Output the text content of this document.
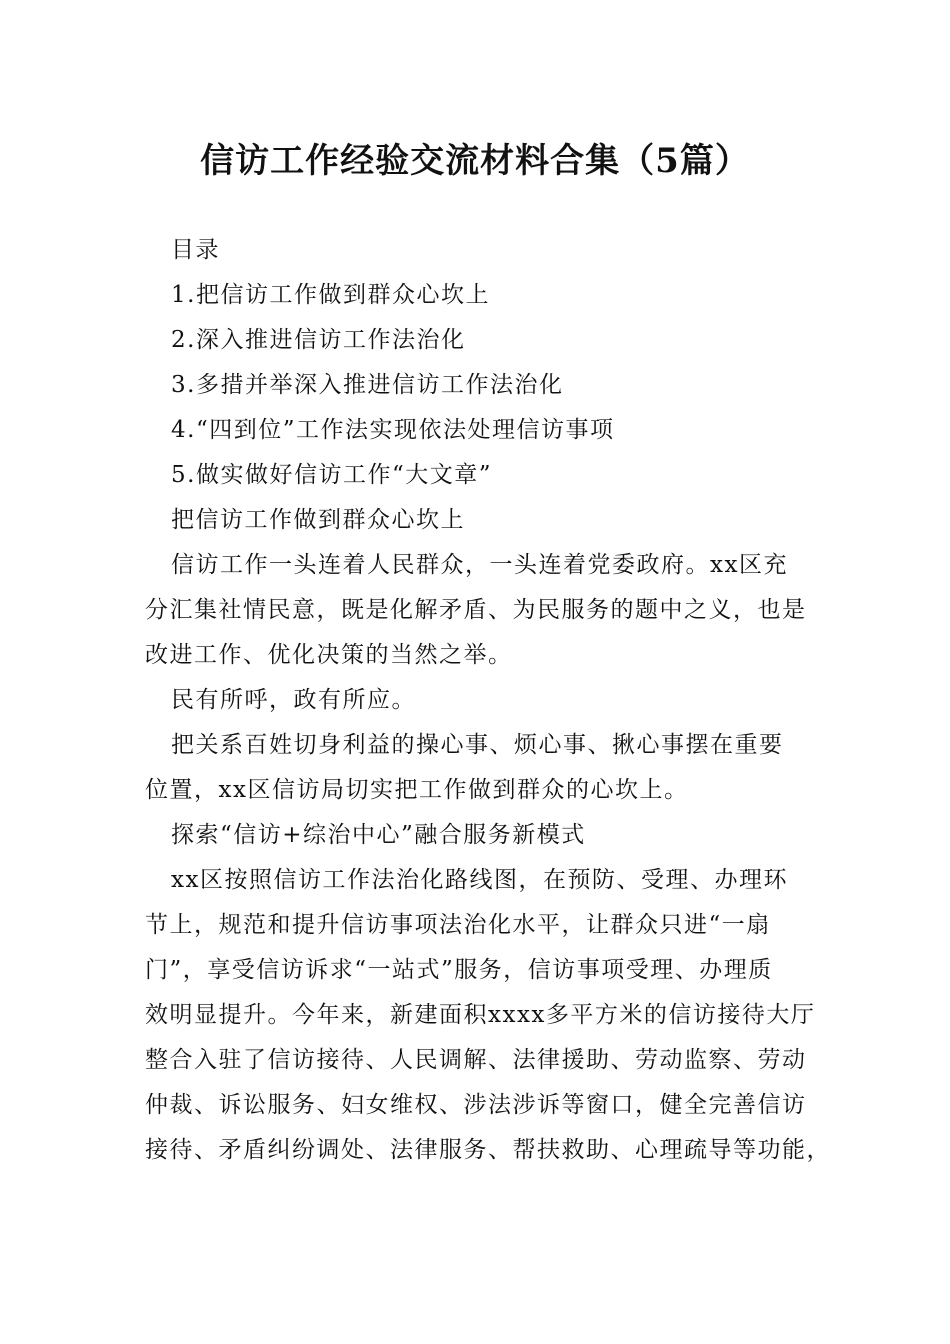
信访工作经验交流材料合集（5篇）

目录

1.把信访工作做到群众心坎上

2.深入推进信访工作法治化

3.多措并举深入推进信访工作法治化

4.“四到位”工作法实现依法处理信访事项

5.做实做好信访工作“大文章”

把信访工作做到群众心坎上

信访工作一头连着人民群众，一头连着党委政府。xx区充

分汇集社情民意，既是化解矛盾、为民服务的题中之义，也是

改进工作、优化决策的当然之举。

民有所呼，政有所应。

把关系百姓切身利益的操心事、烦心事、揪心事摆在重要

位置，xx区信访局切实把工作做到群众的心坎上。

探索“信访+综治中心”融合服务新模式

xx区按照信访工作法治化路线图，在预防、受理、办理环

节上，规范和提升信访事项法治化水平，让群众只进“一扇

门”，享受信访诉求“一站式”服务，信访事项受理、办理质

效明显提升。今年来，新建面积xxxx多平方米的信访接待大厅

整合入驻了信访接待、人民调解、法律援助、劳动监察、劳动

仲裁、诉讼服务、妇女维权、涉法涉诉等窗口，健全完善信访

接待、矛盾纠纷调处、法律服务、帮扶救助、心理疏导等功能，
